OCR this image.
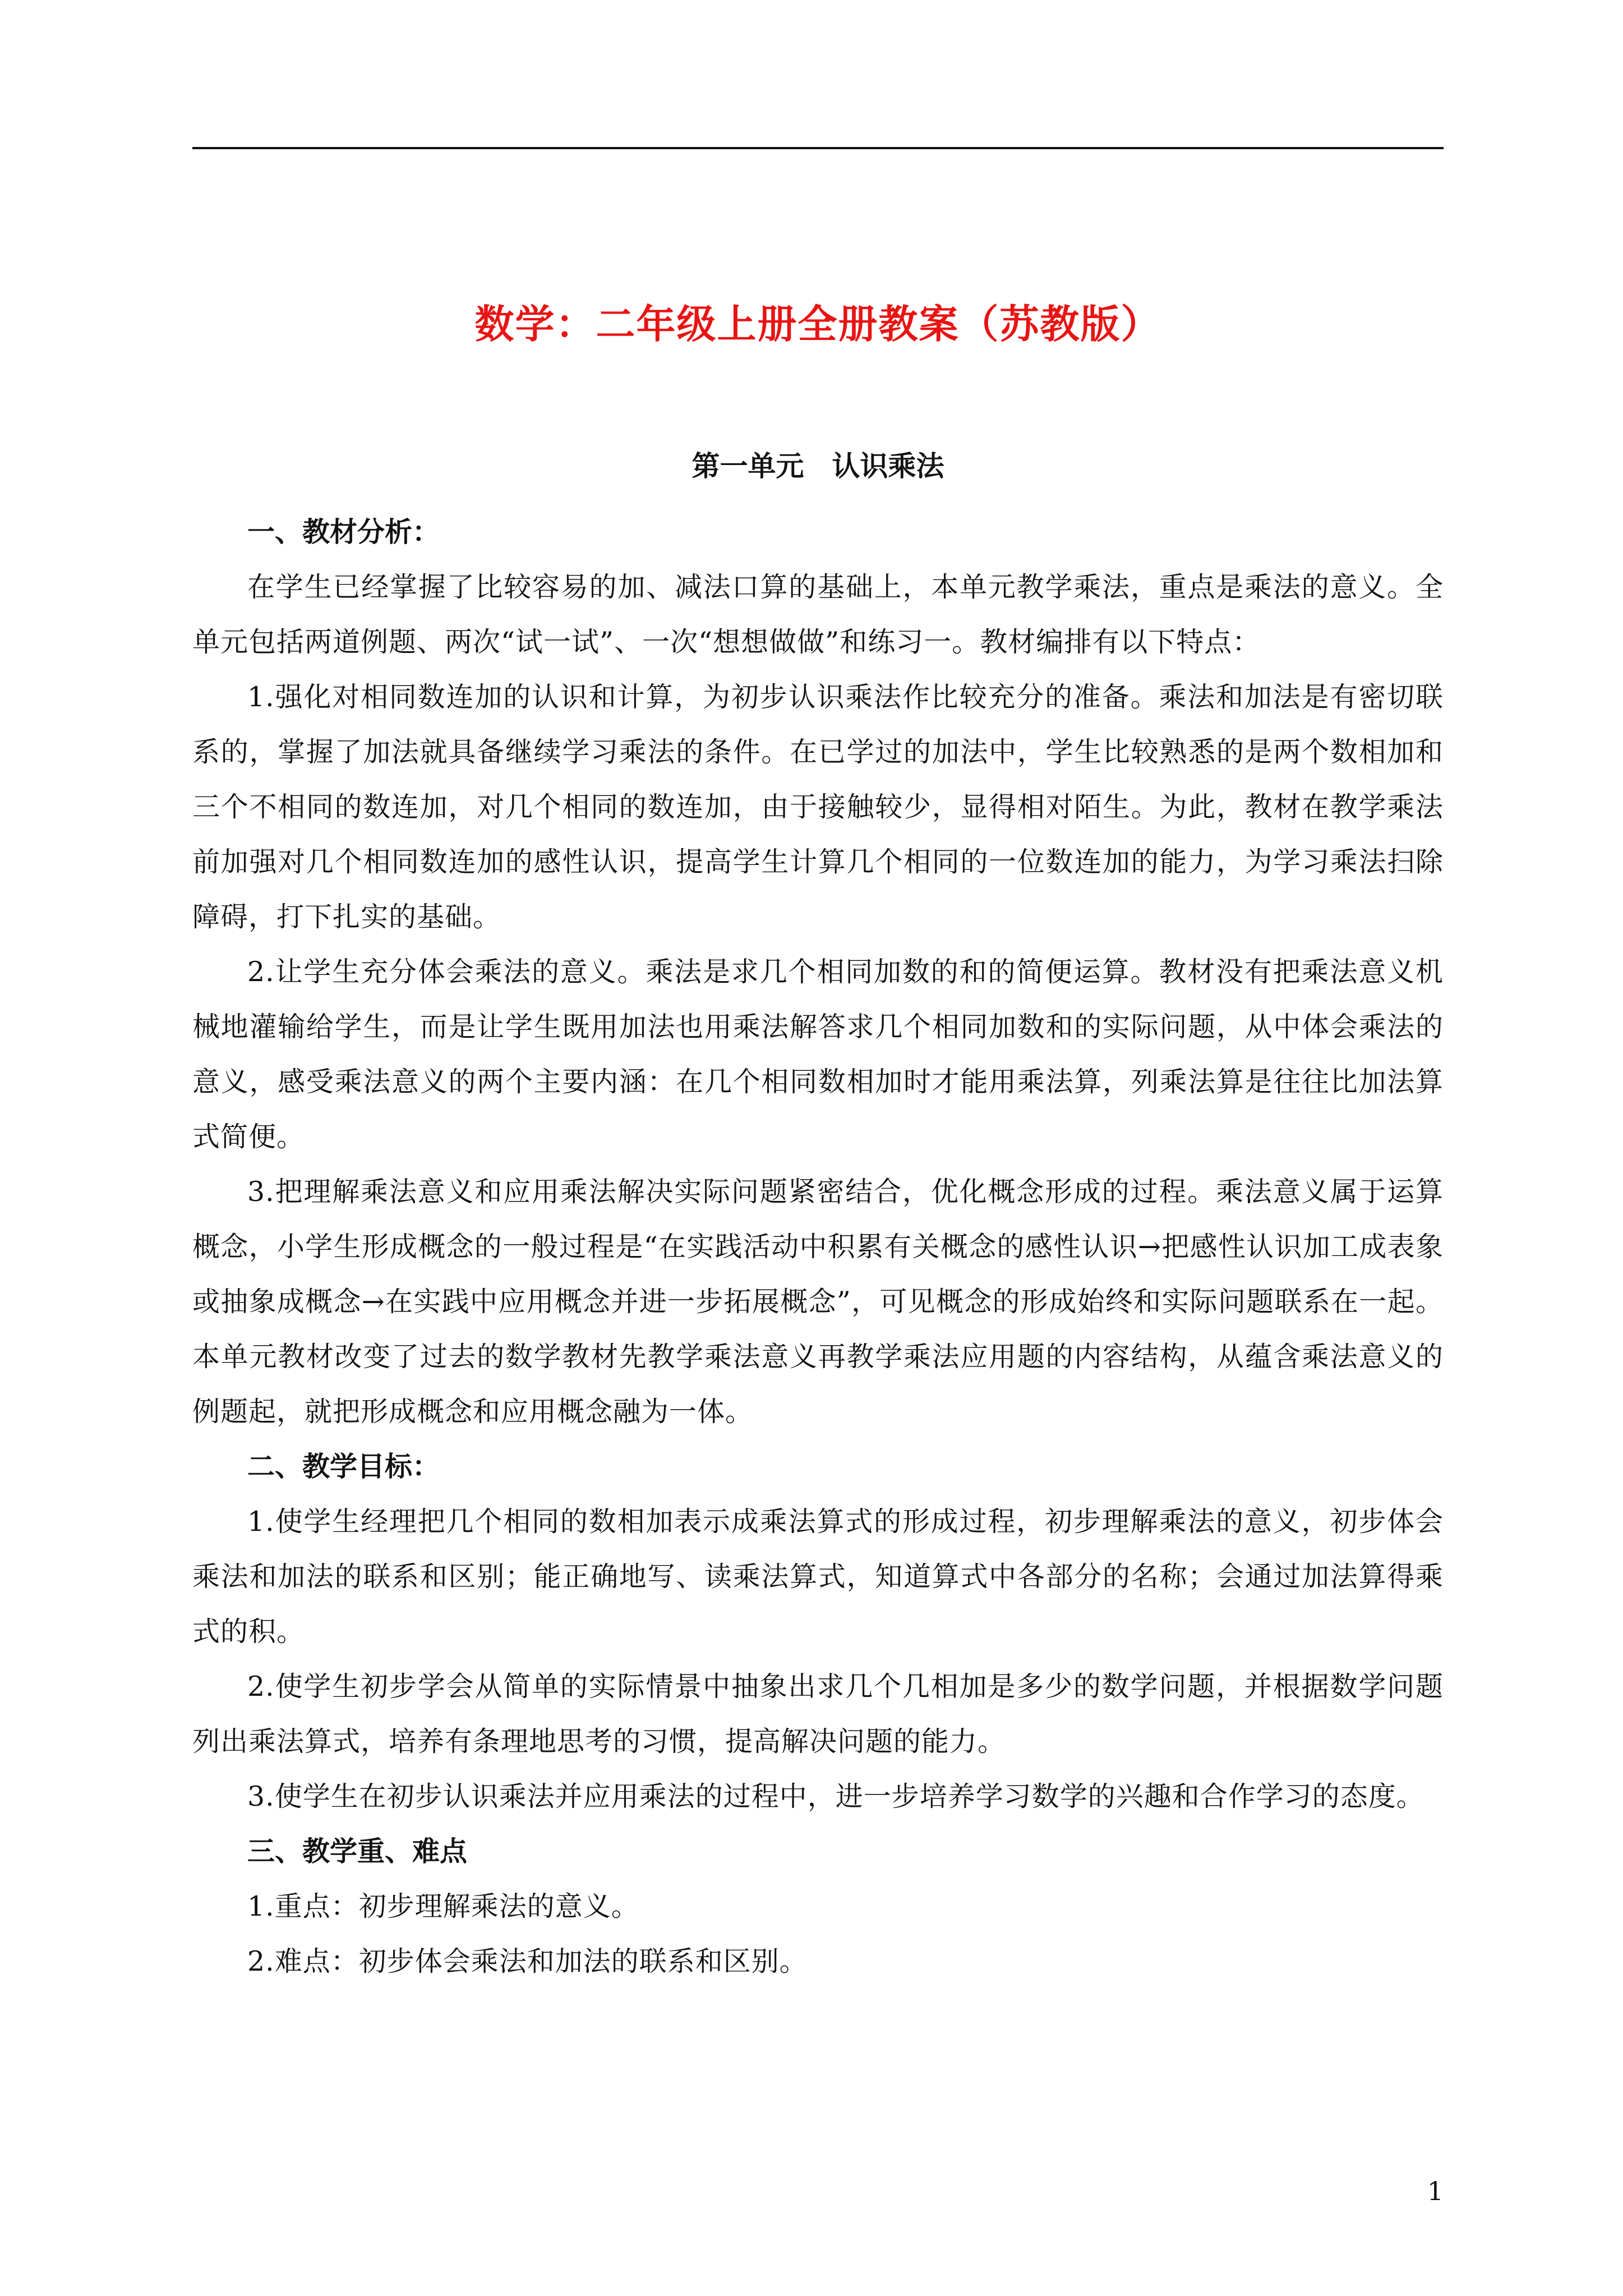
数学：二年级上册全册教案（苏教版）
第一单元　认识乘法

一、教材分析：

在学生已经掌握了比较容易的加、减法口算的基础上，本单元教学乘法，重点是乘法的意义。全单元包括两道例题、两次“试一试”、一次“想想做做”和练习一。教材编排有以下特点：

1.强化对相同数连加的认识和计算，为初步认识乘法作比较充分的准备。乘法和加法是有密切联系的，掌握了加法就具备继续学习乘法的条件。在已学过的加法中，学生比较熟悉的是两个数相加和三个不相同的数连加，对几个相同的数连加，由于接触较少，显得相对陌生。为此，教材在教学乘法前加强对几个相同数连加的感性认识，提高学生计算几个相同的一位数连加的能力，为学习乘法扫除障碍，打下扎实的基础。

2.让学生充分体会乘法的意义。乘法是求几个相同加数的和的简便运算。教材没有把乘法意义机械地灌输给学生，而是让学生既用加法也用乘法解答求几个相同加数和的实际问题，从中体会乘法的意义，感受乘法意义的两个主要内涵：在几个相同数相加时才能用乘法算，列乘法算是往往比加法算式简便。

3.把理解乘法意义和应用乘法解决实际问题紧密结合，优化概念形成的过程。乘法意义属于运算概念，小学生形成概念的一般过程是“在实践活动中积累有关概念的感性认识→把感性认识加工成表象或抽象成概念→在实践中应用概念并进一步拓展概念”，可见概念的形成始终和实际问题联系在一起。本单元教材改变了过去的数学教材先教学乘法意义再教学乘法应用题的内容结构，从蕴含乘法意义的例题起，就把形成概念和应用概念融为一体。

二、教学目标：

1.使学生经理把几个相同的数相加表示成乘法算式的形成过程，初步理解乘法的意义，初步体会乘法和加法的联系和区别；能正确地写、读乘法算式，知道算式中各部分的名称；会通过加法算得乘式的积。

2.使学生初步学会从简单的实际情景中抽象出求几个几相加是多少的数学问题，并根据数学问题列出乘法算式，培养有条理地思考的习惯，提高解决问题的能力。

3.使学生在初步认识乘法并应用乘法的过程中，进一步培养学习数学的兴趣和合作学习的态度。

三、教学重、难点

1.重点：初步理解乘法的意义。

2.难点：初步体会乘法和加法的联系和区别。

1
